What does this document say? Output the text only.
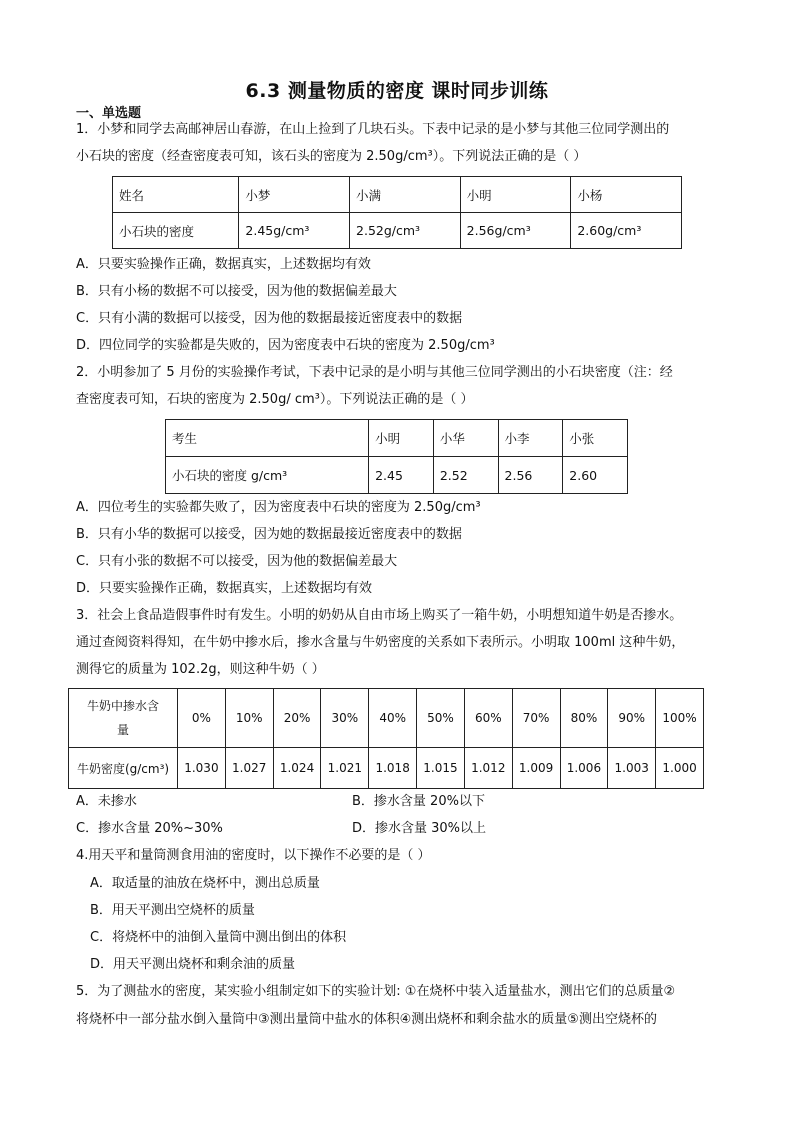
6.3 测量物质的密度 课时同步训练
一、单选题
1．小梦和同学去高邮神居山春游，在山上捡到了几块石头。下表中记录的是小梦与其他三位同学测出的
小石块的密度（经查密度表可知，该石头的密度为 2.50g/cm³）。下列说法正确的是（ ）
姓名	小梦	小满	小明	小杨
小石块的密度	2.45g/cm³	2.52g/cm³	2.56g/cm³	2.60g/cm³
A．只要实验操作正确，数据真实，上述数据均有效
B．只有小杨的数据不可以接受，因为他的数据偏差最大
C．只有小满的数据可以接受，因为他的数据最接近密度表中的数据
D．四位同学的实验都是失败的，因为密度表中石块的密度为 2.50g/cm³
2．小明参加了 5 月份的实验操作考试，下表中记录的是小明与其他三位同学测出的小石块密度（注：经
查密度表可知，石块的密度为 2.50g/ cm³）。下列说法正确的是（ ）
考生	小明	小华	小李	小张
小石块的密度 g/cm³	2.45	2.52	2.56	2.60
A．四位考生的实验都失败了，因为密度表中石块的密度为 2.50g/cm³
B．只有小华的数据可以接受，因为她的数据最接近密度表中的数据
C．只有小张的数据不可以接受，因为他的数据偏差最大
D．只要实验操作正确，数据真实，上述数据均有效
3．社会上食品造假事件时有发生。小明的奶奶从自由市场上购买了一箱牛奶，小明想知道牛奶是否掺水。
通过查阅资料得知，在牛奶中掺水后，掺水含量与牛奶密度的关系如下表所示。小明取 100ml 这种牛奶，
测得它的质量为 102.2g，则这种牛奶（ ）
牛奶中掺水含
量	0%	10%	20%	30%	40%	50%	60%	70%	80%	90%	100%
牛奶密度(g/cm³)	1.030	1.027	1.024	1.021	1.018	1.015	1.012	1.009	1.006	1.003	1.000
A．未掺水	B．掺水含量 20%以下
C．掺水含量 20%~30%	D．掺水含量 30%以上
4.用天平和量筒测食用油的密度时，以下操作不必要的是（ ）
A．取适量的油放在烧杯中，测出总质量
B．用天平测出空烧杯的质量
C．将烧杯中的油倒入量筒中测出倒出的体积
D．用天平测出烧杯和剩余油的质量
5．为了测盐水的密度，某实验小组制定如下的实验计划: ①在烧杯中装入适量盐水，测出它们的总质量②
将烧杯中一部分盐水倒入量筒中③测出量筒中盐水的体积④测出烧杯和剩余盐水的质量⑤测出空烧杯的
